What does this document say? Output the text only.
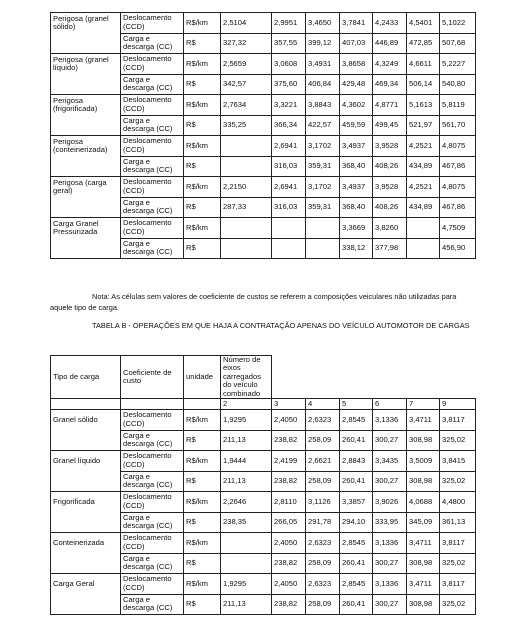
Perigosa (granel sólido)	Deslocamento (CCD)	R$/km	2,5104	2,9951	3,4650	3,7841	4,2433	4,5401	5,1022
	Carga e descarga (CC)	R$	327,32	357,55	399,12	407,03	446,89	472,85	507,68
Perigosa (granel líquido)	Deslocamento (CCD)	R$/km	2,5659	3,0608	3,4931	3,8658	4,3249	4,6611	5,2227
	Carga e descarga (CC)	R$	342,57	375,60	406,84	429,48	469,34	506,14	540,80
Perigosa (frigorificada)	Deslocamento (CCD)	R$/km	2,7634	3,3221	3,8843	4,3602	4,8771	5,1613	5,8119
	Carga e descarga (CC)	R$	335,25	366,34	422,57	459,59	499,45	521,97	561,70
Perigosa (conteinerizada)	Deslocamento (CCD)	R$/km		2,6941	3,1702	3,4937	3,9528	4,2521	4,8075
	Carga e descarga (CC)	R$		316,03	359,31	368,40	408,26	434,89	467,86
Perigosa (carga geral)	Deslocamento (CCD)	R$/km	2,2150	2,6941	3,1702	3,4937	3,9528	4,2521	4,8075
	Carga e descarga (CC)	R$	287,33	316,03	359,31	368,40	408,26	434,89	467,86
Carga Granel Pressurizada	Deslocamento (CCD)	R$/km				3,3669	3,8260		4,7509
	Carga e descarga (CC)	R$				338,12	377,98		456,90
Nota: As células sem valores de coeficiente de custos se referem a composições veiculares não utilizadas para aquele tipo de carga.
TABELA B - OPERAÇÕES EM QUE HAJA A CONTRATAÇÃO APENAS DO VEÍCULO AUTOMOTOR DE CARGAS
Tipo de carga	Coeficiente de custo	unidade	Número de eixos carregados do veículo combinado						
			2	3	4	5	6	7	9
Granel sólido	Deslocamento (CCD)	R$/km	1,9295	2,4050	2,6323	2,8545	3,1336	3,4711	3,8117
	Carga e descarga (CC)	R$	211,13	238,82	258,09	260,41	300,27	308,98	325,02
Granel líquido	Deslocamento (CCD)	R$/km	1,9444	2,4199	2,6621	2,8843	3,3435	3,5009	3,8415
	Carga e descarga (CC)	R$	211,13	238,82	258,09	260,41	300,27	308,98	325,02
Frigorificada	Deslocamento (CCD)	R$/km	2,2646	2,8110	3,1126	3,3857	3,9026	4,0688	4,4800
	Carga e descarga (CC)	R$	238,35	266,05	291,78	294,10	333,95	345,09	361,13
Conteinerizada	Deslocamento (CCD)	R$/km		2,4050	2,6323	2,8545	3,1336	3,4711	3,8117
	Carga e descarga (CC)	R$		238,82	258,09	260,41	300,27	308,98	325,02
Carga Geral	Deslocamento (CCD)	R$/km	1,9295	2,4050	2,6323	2,8545	3,1336	3,4711	3,8117
	Carga e descarga (CC)	R$	211,13	238,82	258,09	260,41	300,27	308,98	325,02
